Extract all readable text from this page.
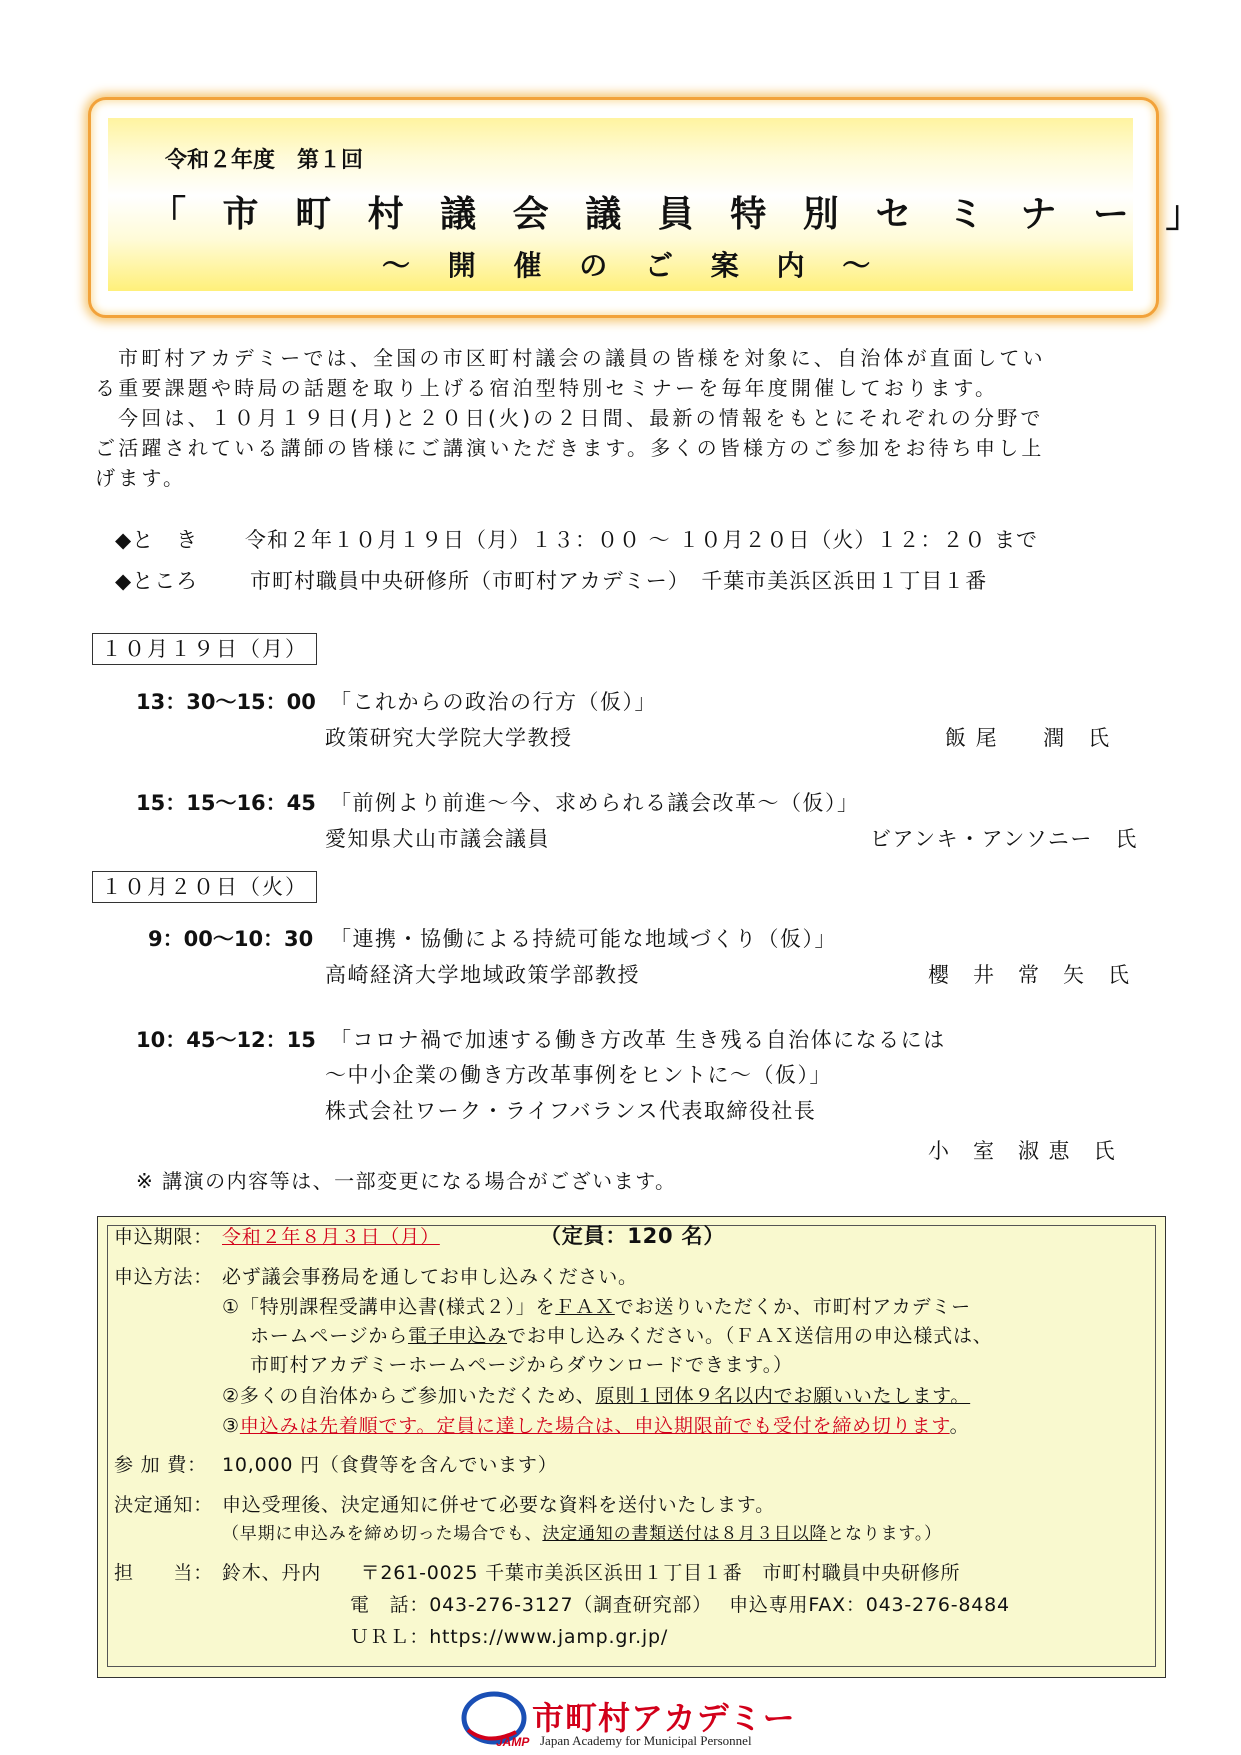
令和２年度　第１回
「 市 町 村 議 会 議 員 特 別 セ ミ ナ ー 」
～ 開 催 の ご 案 内 ～
市町村アカデミーでは、全国の市区町村議会の議員の皆様を対象に、自治体が直面してい
る重要課題や時局の話題を取り上げる宿泊型特別セミナーを毎年度開催しております。
今回は、１０月１９日(月)と２０日(火)の２日間、最新の情報をもとにそれぞれの分野で
ご活躍されている講師の皆様にご講演いただきます。多くの皆様方のご参加をお待ち申し上
げます。
◆と　き 令和２年１０月１９日（月）１３：００ ～ １０月２０日（火）１２：２０ まで
◆ところ 市町村職員中央研修所（市町村アカデミー）　千葉市美浜区浜田１丁目１番
１０月１９日（月）
13：30～15：00 「これからの政治の行方（仮）」
政策研究大学院大学教授	飯 尾　　潤　氏
15：15～16：45 「前例より前進～今、求められる議会改革～（仮）」
愛知県犬山市議会議員	ビアンキ・アンソニー　氏
１０月２０日（火）
9：00～10：30 「連携・協働による持続可能な地域づくり（仮）」
高崎経済大学地域政策学部教授	櫻　井　常　矢　氏
10：45～12：15 「コロナ禍で加速する働き方改革 生き残る自治体になるには
～中小企業の働き方改革事例をヒントに～（仮）」
株式会社ワーク・ライフバランス代表取締役社長
小　室　淑 恵　氏
※ 講演の内容等は、一部変更になる場合がございます。
申込期限： 令和２年８月３日（月）	（定員：120 名）
申込方法： 必ず議会事務局を通してお申し込みください。
①「特別課程受講申込書(様式２）」をＦＡＸでお送りいただくか、市町村アカデミー
ホームページから電子申込みでお申し込みください。（ＦＡＸ送信用の申込様式は、
市町村アカデミーホームページからダウンロードできます。）
②多くの自治体からご参加いただくため、原則１団体９名以内でお願いいたします。
③申込みは先着順です。定員に達した場合は、申込期限前でも受付を締め切ります。
参 加 費： 10,000 円（食費等を含んでいます）
決定通知： 申込受理後、決定通知に併せて必要な資料を送付いたします。
（早期に申込みを締め切った場合でも、決定通知の書類送付は８月３日以降となります。）
担　　当： 鈴木、丹内　　〒261-0025 千葉市美浜区浜田１丁目１番　市町村職員中央研修所
電　話：043-276-3127（調査研究部）　 申込専用FAX：043-276-8484
ＵＲＬ：https://www.jamp.gr.jp/
JAMP
市町村アカデミー
Japan Academy for Municipal Personnel
